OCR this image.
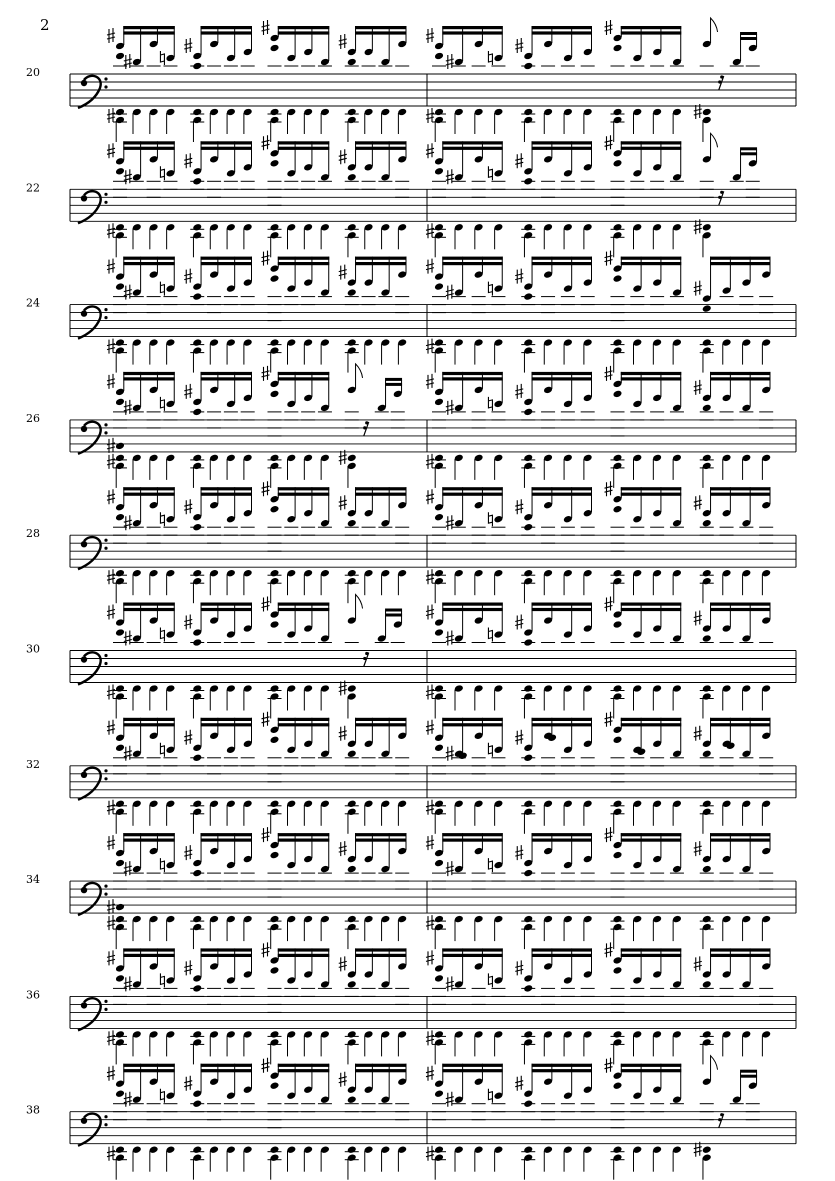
2
20
22
24
26
28
30
32
34
36
38
